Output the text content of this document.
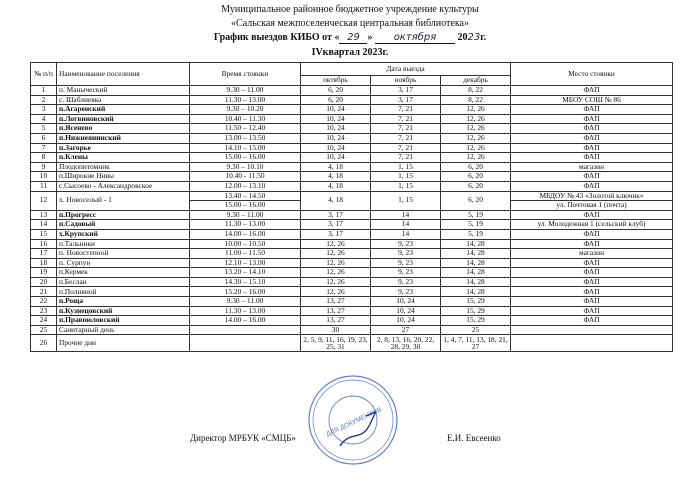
Муниципальное районное бюджетное учреждение культуры
«Сальская межпоселенческая центральная библиотека»
График выездов КИБО от « 29 » октября 2023г.
IVквартал 2023г.
№ п/п	Наименование поселения	Время стоянки	Дата выезда			Место стоянки
			октябрь	ноябрь	декабрь	
1	п. Маныческий	9.30 – 11.00	6, 20	3, 17	8, 22	ФАП
2	с. Шаблиевка	11.30 – 13.00	6, 20	3, 17	8, 22	МБОУ СОШ № 86
3	п.Агаренский	9.30 – 10.20	10, 24	7, 21	12, 26	ФАП
4	п.Логвиновский	10.40 – 11.30	10, 24	7, 21	12, 26	ФАП
5	п.Ясенево	11.50 – 12.40	10, 24	7, 21	12, 26	ФАП
6	п.Нижнеянинский	13.00 – 13.50	10, 24	7, 21	12, 26	ФАП
7	п.Загорье	14.10 – 15.00	10, 24	7, 21	12, 26	ФАП
8	п.Клены	15.00 – 16.00	10, 24	7, 21	12, 26	ФАП
9	Плодопитомник	9.30 – 10.10	4, 18	1, 15	6, 20	магазин
10	п.Широкие Нивы	10.40 - 11.50	4, 18	1, 15	6, 20	ФАП
11	с.Сысоево - Александровское	12.00 – 13.10	4, 18	1, 15	6, 20	ФАП
12	х. Новоселый - 1	13.40 – 14.50	4, 18	1, 15	6, 20	МБДОУ № 43 «Золотой ключик»
		15.00 – 16.00				ул. Почтовая 1 (почта)
13	п.Прогресс	9.30 – 11.00	3, 17	14	5, 19	ФАП
14	п.Садовый	11.30 – 13.00	3, 17	14	5, 19	ул. Молодежная 1 (сельский клуб)
15	х.Крупский	14.00 – 16.00	3, 17	14	5, 19	ФАП
16	п.Тальники	10.00 – 10.50	12, 26	9, 23	14, 28	ФАП
17	п. Новостепной	11.00 – 11.50	12, 26	9, 23	14, 28	магазин
18	п. Сурпун	12.10 – 13.00	12, 26	9, 23	14, 28	ФАП
19	п.Кермек	13.20 – 14.10	12, 26	9, 23	14, 28	ФАП
20	п.Беслан	14.30 – 15.10	12, 26	9, 23	14, 28	ФАП
21	п.Поливной	15.20 – 16.00	12, 26	9, 23	14, 28	ФАП
22	п.Роща	9.30 – 11.00	13, 27	10, 24	15, 29	ФАП
23	п.Кузнецовский	11.30 – 13.00	13, 27	10, 24	15, 29	ФАП
24	п.Правоюловский	14.00 – 16.00	13, 27	10, 24	15, 29	ФАП
25	Санитарный день		30	27	25	
26	Прочие дни		2, 5, 9, 11, 16, 19, 23, 25, 31	2, 8, 13, 16, 20, 22, 28, 29, 30	1, 4, 7, 11, 13, 18, 21, 27	
ДЛЯ ДОКУМЕНТОВ
Директор МРБУК «СМЦБ»	Е.И. Евсеенко
